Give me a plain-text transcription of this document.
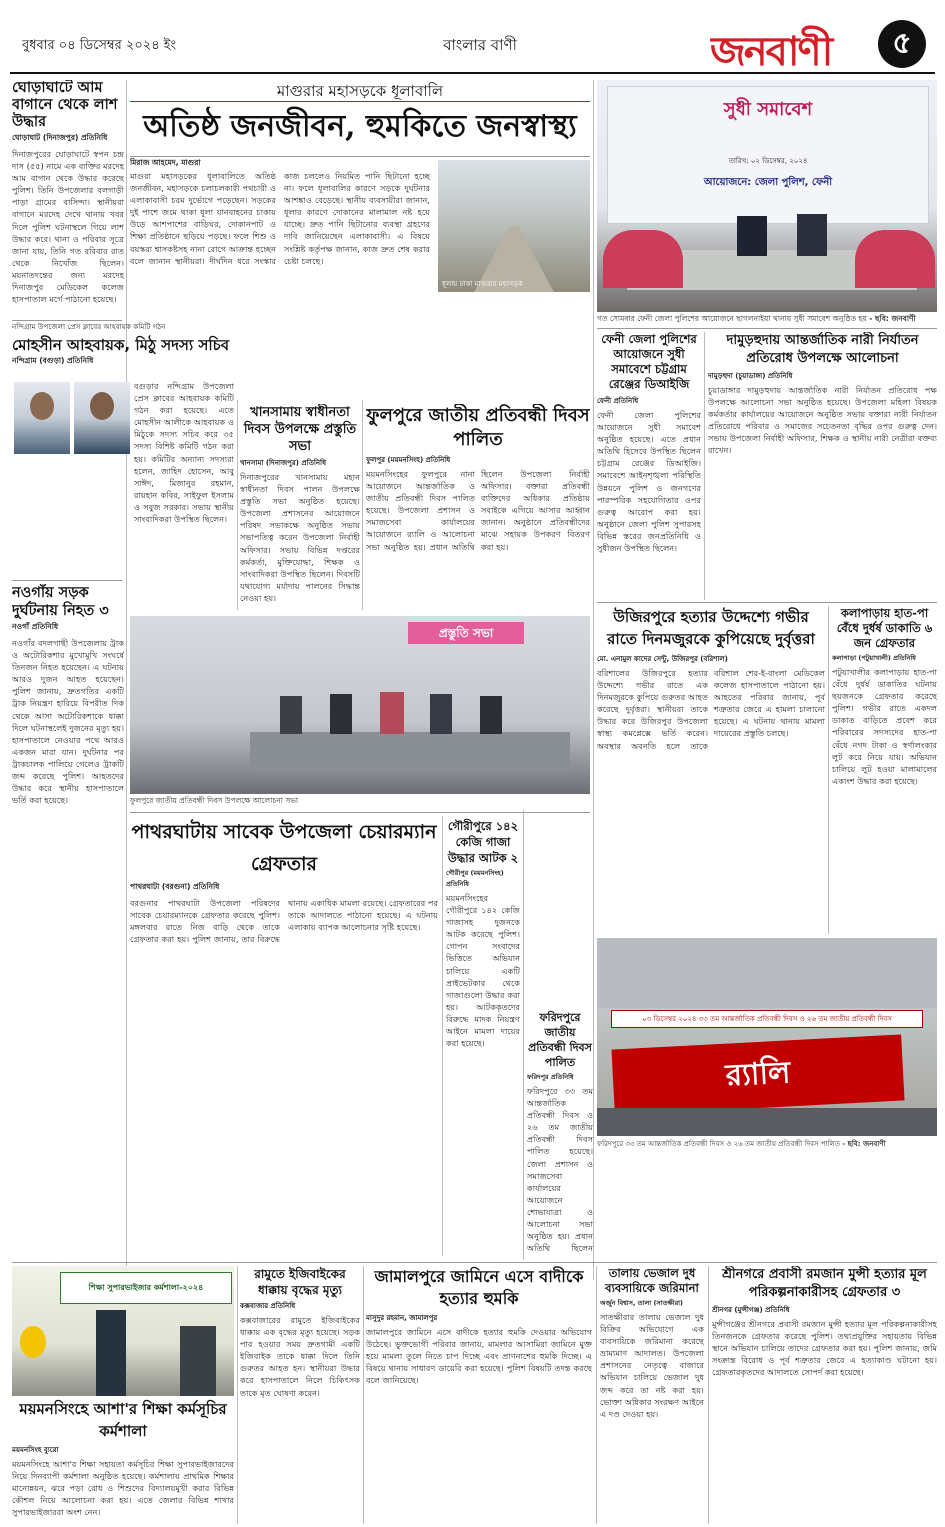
বুধবার ০৪ ডিসেম্বর ২০২৪ ইং	বাংলার বাণী	জনবাণী	৫
ঘোড়াঘাটে আম বাগানে থেকে লাশ উদ্ধার
ঘোড়াঘাট (দিনাজপুর) প্রতিনিধি
দিনাজপুরের ঘোড়াঘাটে স্বপন চন্দ্র দাস (৫৫) নামে এক ব্যক্তির মরদেহ আম বাগান থেকে উদ্ধার করেছে পুলিশ। তিনি উপজেলার বলগাড়ী পাড়া গ্রামের বাসিন্দা। স্থানীয়রা বাগানে মরদেহ দেখে থানায় খবর দিলে পুলিশ ঘটনাস্থলে গিয়ে লাশ উদ্ধার করে। থানা ও পরিবার সূত্রে জানা যায়, তিনি গত রবিবার রাত থেকে নিখোঁজ ছিলেন। ময়নাতদন্তের জন্য মরদেহ দিনাজপুর মেডিকেল কলেজ হাসপাতাল মর্গে পাঠানো হয়েছে।
মাগুরার মহাসড়কে ধূলাবালি
অতিষ্ঠ জনজীবন, হুমকিতে জনস্বাস্থ্য
মিরাজ আহমেদ, মাগুরা
মাগুরা মহাসড়কের ধূলাবালিতে অতিষ্ঠ জনজীবন, মহাসড়কে চলাচলকারী পথচারী ও এলাকাবাসী চরম দুর্ভোগে পড়েছেন। সড়কের দুই পাশে জমে থাকা ধূলা যানবাহনের চাকায় উড়ে আশপাশের বাড়িঘর, দোকানপাট ও শিক্ষা প্রতিষ্ঠানে ছড়িয়ে পড়ছে। ফলে শিশু ও বয়স্করা শ্বাসকষ্টসহ নানা রোগে আক্রান্ত হচ্ছেন বলে জানান স্থানীয়রা। দীর্ঘদিন ধরে সংস্কার কাজ চললেও নিয়মিত পানি ছিটানো হচ্ছে না। ফলে ধূলাবালির কারণে সড়কে দুর্ঘটনার আশঙ্কাও বেড়েছে। স্থানীয় ব্যবসায়ীরা জানান, ধূলার কারণে দোকানের মালামাল নষ্ট হয়ে যাচ্ছে। দ্রুত পানি ছিটানোর ব্যবস্থা গ্রহণের দাবি জানিয়েছেন এলাকাবাসী। এ বিষয়ে সংশ্লিষ্ট কর্তৃপক্ষ জানান, কাজ দ্রুত শেষ করার চেষ্টা চলছে।
ধূলায় ঢাকা মাগুরার মহাসড়ক
নন্দিগ্রাম উপজেলা প্রেস ক্লাবের আহবায়ক কমিটি গঠন
মোহসীন আহবায়ক, মিঠু সদস্য সচিব
নন্দিগ্রাম (বগুড়া) প্রতিনিধি
বগুড়ার নন্দিগ্রাম উপজেলা প্রেস ক্লাবের আহবায়ক কমিটি গঠন করা হয়েছে। এতে মোহসীন আলীকে আহবায়ক ও মিঠুকে সদস্য সচিব করে ৩৫ সদস্য বিশিষ্ট কমিটি গঠন করা হয়। কমিটির অন্যান্য সদস্যরা হলেন, জাহিদ হোসেন, আবু সাঈদ, মিজানুর রহমান, রায়হান কবির, সাইফুল ইসলাম ও সবুজ সরকার। সভায় স্থানীয় সাংবাদিকরা উপস্থিত ছিলেন।
খানসামায় স্বাধীনতা দিবস উপলক্ষে প্রস্তুতি সভা
খানসামা (দিনাজপুর) প্রতিনিধি
দিনাজপুরের খানসামায় মহান স্বাধীনতা দিবস পালন উপলক্ষে প্রস্তুতি সভা অনুষ্ঠিত হয়েছে। উপজেলা প্রশাসনের আয়োজনে পরিষদ সভাকক্ষে অনুষ্ঠিত সভায় সভাপতিত্ব করেন উপজেলা নির্বাহী অফিসার। সভায় বিভিন্ন দপ্তরের কর্মকর্তা, মুক্তিযোদ্ধা, শিক্ষক ও সাংবাদিকরা উপস্থিত ছিলেন। দিবসটি যথাযোগ্য মর্যাদায় পালনের সিদ্ধান্ত নেওয়া হয়।
ফুলপুরে জাতীয় প্রতিবন্ধী দিবস পালিত
ফুলপুর (ময়মনসিংহ) প্রতিনিধি
ময়মনসিংহের ফুলপুরে নানা আয়োজনে আন্তর্জাতিক ও জাতীয় প্রতিবন্ধী দিবস পালিত হয়েছে। উপজেলা প্রশাসন ও সমাজসেবা কার্যালয়ের আয়োজনে র‍্যালি ও আলোচনা সভা অনুষ্ঠিত হয়। প্রধান অতিথি ছিলেন উপজেলা নির্বাহী অফিসার। বক্তারা প্রতিবন্ধী ব্যক্তিদের অধিকার প্রতিষ্ঠায় সবাইকে এগিয়ে আসার আহ্বান জানান। অনুষ্ঠানে প্রতিবন্ধীদের মাঝে সহায়ক উপকরণ বিতরণ করা হয়।
নওগাঁয় সড়ক দুর্ঘটনায় নিহত ৩
নওগাঁ প্রতিনিধি
নওগাঁর বদলগাছী উপজেলায় ট্রাক ও অটোরিকশার মুখোমুখি সংঘর্ষে তিনজন নিহত হয়েছেন। এ ঘটনায় আরও দুজন আহত হয়েছেন। পুলিশ জানায়, দ্রুতগতির একটি ট্রাক নিয়ন্ত্রণ হারিয়ে বিপরীত দিক থেকে আসা অটোরিকশাকে ধাক্কা দিলে ঘটনাস্থলেই দুজনের মৃত্যু হয়। হাসপাতালে নেওয়ার পথে আরও একজন মারা যান। দুর্ঘটনার পর ট্রাকচালক পালিয়ে গেলেও ট্রাকটি জব্দ করেছে পুলিশ। আহতদের উদ্ধার করে স্থানীয় হাসপাতালে ভর্তি করা হয়েছে।
প্রস্তুতি সভা
ফুলপুরে জাতীয় প্রতিবন্ধী দিবস উপলক্ষে আলোচনা সভা
পাথরঘাটায় সাবেক উপজেলা চেয়ারম্যান গ্রেফতার
পাথরঘাটা (বরগুনা) প্রতিনিধি
বরগুনার পাথরঘাটা উপজেলা পরিষদের সাবেক চেয়ারম্যানকে গ্রেফতার করেছে পুলিশ। মঙ্গলবার রাতে নিজ বাড়ি থেকে তাকে গ্রেফতার করা হয়। পুলিশ জানায়, তার বিরুদ্ধে থানায় একাধিক মামলা রয়েছে। গ্রেফতারের পর তাকে আদালতে পাঠানো হয়েছে। এ ঘটনায় এলাকায় ব্যাপক আলোচনার সৃষ্টি হয়েছে।
গৌরীপুরে ১৪২ কেজি গাজা উদ্ধার আটক ২
গৌরীপুর (ময়মনসিংহ) প্রতিনিধি
ময়মনসিংহের গৌরীপুরে ১৪২ কেজি গাজাসহ দুজনকে আটক করেছে পুলিশ। গোপন সংবাদের ভিত্তিতে অভিযান চালিয়ে একটি প্রাইভেটকার থেকে গাজাগুলো উদ্ধার করা হয়। আটককৃতদের বিরুদ্ধে মাদক নিয়ন্ত্রণ আইনে মামলা দায়ের করা হয়েছে।
ফরিদপুরে জাতীয় প্রতিবন্ধী দিবস পালিত
ফরিদপুর প্রতিনিধি
ফরিদপুরে ৩৩ তম আন্তর্জাতিক প্রতিবন্ধী দিবস ও ২৬ তম জাতীয় প্রতিবন্ধী দিবস পালিত হয়েছে। জেলা প্রশাসন ও সমাজসেবা কার্যালয়ের আয়োজনে শোভাযাত্রা ও আলোচনা সভা অনুষ্ঠিত হয়। প্রধান অতিথি ছিলেন
সুধী সমাবেশ
তারিখ: ০২ ডিসেম্বর, ২০২৪
আয়োজনে: জেলা পুলিশ, ফেনী
গত সোমবার ফেনী জেলা পুলিশের আয়োজনে ছাগলনাইয়া থানায় সুধী সমাবেশ অনুষ্ঠিত হয় - ছবি: জনবাণী
ফেনী জেলা পুলিশের আয়োজনে সুধী সমাবেশে চট্টগ্রাম রেঞ্জের ডিআইজি
ফেনী প্রতিনিধি
ফেনী জেলা পুলিশের আয়োজনে সুধী সমাবেশ অনুষ্ঠিত হয়েছে। এতে প্রধান অতিথি হিসেবে উপস্থিত ছিলেন চট্টগ্রাম রেঞ্জের ডিআইজি। সমাবেশে আইনশৃঙ্খলা পরিস্থিতি উন্নয়নে পুলিশ ও জনগণের পারস্পরিক সহযোগিতার ওপর গুরুত্ব আরোপ করা হয়। অনুষ্ঠানে জেলা পুলিশ সুপারসহ বিভিন্ন স্তরের জনপ্রতিনিধি ও সুধীজন উপস্থিত ছিলেন।
দামুড়হুদায় আন্তর্জাতিক নারী নির্যাতন প্রতিরোধ উপলক্ষে আলোচনা
দামুড়হুদা (চুয়াডাঙ্গা) প্রতিনিধি
চুয়াডাঙ্গার দামুড়হুদায় আন্তর্জাতিক নারী নির্যাতন প্রতিরোধ পক্ষ উপলক্ষে আলোচনা সভা অনুষ্ঠিত হয়েছে। উপজেলা মহিলা বিষয়ক কর্মকর্তার কার্যালয়ের আয়োজনে অনুষ্ঠিত সভায় বক্তারা নারী নির্যাতন প্রতিরোধে পরিবার ও সমাজের সচেতনতা বৃদ্ধির ওপর গুরুত্ব দেন। সভায় উপজেলা নির্বাহী অফিসার, শিক্ষক ও স্থানীয় নারী নেত্রীরা বক্তব্য রাখেন।
উজিরপুরে হত্যার উদ্দেশ্যে গভীর রাতে দিনমজুরকে কুপিয়েছে দুর্বৃত্তরা
মো. এনামুল কাদের সেন্টু, উজিরপুর (বরিশাল)
বরিশালের উজিরপুরে হত্যার উদ্দেশ্যে গভীর রাতে এক দিনমজুরকে কুপিয়ে গুরুতর আহত করেছে দুর্বৃত্তরা। স্থানীয়রা তাকে উদ্ধার করে উজিরপুর উপজেলা স্বাস্থ্য কমপ্লেক্সে ভর্তি করেন। অবস্থার অবনতি হলে তাকে বরিশাল শের-ই-বাংলা মেডিকেল কলেজ হাসপাতালে পাঠানো হয়। আহতের পরিবার জানায়, পূর্ব শত্রুতার জেরে এ হামলা চালানো হয়েছে। এ ঘটনায় থানায় মামলা দায়েরের প্রস্তুতি চলছে।
কলাপাড়ায় হাত-পা বেঁধে দুর্ধর্ষ ডাকাতি ৬ জন গ্রেফতার
কলাপাড়া (পটুয়াখালী) প্রতিনিধি
পটুয়াখালীর কলাপাড়ায় হাত-পা বেঁধে দুর্ধর্ষ ডাকাতির ঘটনায় ছয়জনকে গ্রেফতার করেছে পুলিশ। গভীর রাতে একদল ডাকাত বাড়িতে প্রবেশ করে পরিবারের সদস্যদের হাত-পা বেঁধে নগদ টাকা ও স্বর্ণালংকার লুট করে নিয়ে যায়। অভিযান চালিয়ে লুট হওয়া মালামালের একাংশ উদ্ধার করা হয়েছে।
০৩ ডিসেম্বর ২০২৪ ৩৩ তম আন্তর্জাতিক প্রতিবন্ধী দিবস ও ২৬ তম জাতীয় প্রতিবন্ধী দিবস
র‍্যালি
ফরিদপুরে ৩৩ তম আন্তর্জাতিক প্রতিবন্ধী দিবস ও ২৬ তম জাতীয় প্রতিবন্ধী দিবস পালিত - ছবি: জনবাণী
শিক্ষা সুপারভাইজার কর্মশালা-২০২৪
ময়মনসিংহে আশা'র শিক্ষা কর্মসূচির কর্মশালা
ময়মনসিংহ ব্যুরো
ময়মনসিংহে আশা'র শিক্ষা সহায়তা কর্মসূচির শিক্ষা সুপারভাইজারদের নিয়ে দিনব্যাপী কর্মশালা অনুষ্ঠিত হয়েছে। কর্মশালায় প্রাথমিক শিক্ষার মানোন্নয়ন, ঝরে পড়া রোধ ও শিশুদের বিদ্যালয়মুখী করার বিভিন্ন কৌশল নিয়ে আলোচনা করা হয়। এতে জেলার বিভিন্ন শাখার সুপারভাইজাররা অংশ নেন।
রামুতে ইজিবাইকের ধাক্কায় বৃদ্ধের মৃত্যু
কক্সবাজার প্রতিনিধি
কক্সবাজারের রামুতে ইজিবাইকের ধাক্কায় এক বৃদ্ধের মৃত্যু হয়েছে। সড়ক পার হওয়ার সময় দ্রুতগামী একটি ইজিবাইক তাকে ধাক্কা দিলে তিনি গুরুতর আহত হন। স্থানীয়রা উদ্ধার করে হাসপাতালে নিলে চিকিৎসক তাকে মৃত ঘোষণা করেন।
জামালপুরে জামিনে এসে বাদীকে হত্যার হুমকি
মাসুদুর রহমান, জামালপুর
জামালপুরে জামিনে এসে বাদীকে হত্যার হুমকি দেওয়ার অভিযোগ উঠেছে। ভুক্তভোগী পরিবার জানায়, মামলার আসামিরা জামিনে মুক্ত হয়ে মামলা তুলে নিতে চাপ দিচ্ছে এবং প্রাণনাশের হুমকি দিচ্ছে। এ বিষয়ে থানায় সাধারণ ডায়েরি করা হয়েছে। পুলিশ বিষয়টি তদন্ত করছে বলে জানিয়েছে।
তালায় ভেজাল দুধ ব্যবসায়িকে জরিমানা
অর্জুন বিশ্বাস, তালা (সাতক্ষীরা)
সাতক্ষীরার তালায় ভেজাল দুধ বিক্রির অভিযোগে এক ব্যবসায়িকে জরিমানা করেছে ভ্রাম্যমাণ আদালত। উপজেলা প্রশাসনের নেতৃত্বে বাজারে অভিযান চালিয়ে ভেজাল দুধ জব্দ করে তা নষ্ট করা হয়। ভোক্তা অধিকার সংরক্ষণ আইনে এ দণ্ড দেওয়া হয়।
শ্রীনগরে প্রবাসী রমজান মুন্সী হত্যার মূল পরিকল্পনাকারীসহ গ্রেফতার ৩
শ্রীনগর (মুন্সীগঞ্জ) প্রতিনিধি
মুন্সীগঞ্জের শ্রীনগরে প্রবাসী রমজান মুন্সী হত্যার মূল পরিকল্পনাকারীসহ তিনজনকে গ্রেফতার করেছে পুলিশ। তথ্যপ্রযুক্তির সহায়তায় বিভিন্ন স্থানে অভিযান চালিয়ে তাদের গ্রেফতার করা হয়। পুলিশ জানায়, জমি সংক্রান্ত বিরোধ ও পূর্ব শত্রুতার জেরে এ হত্যাকাণ্ড ঘটানো হয়। গ্রেফতারকৃতদের আদালতে সোপর্দ করা হয়েছে।
